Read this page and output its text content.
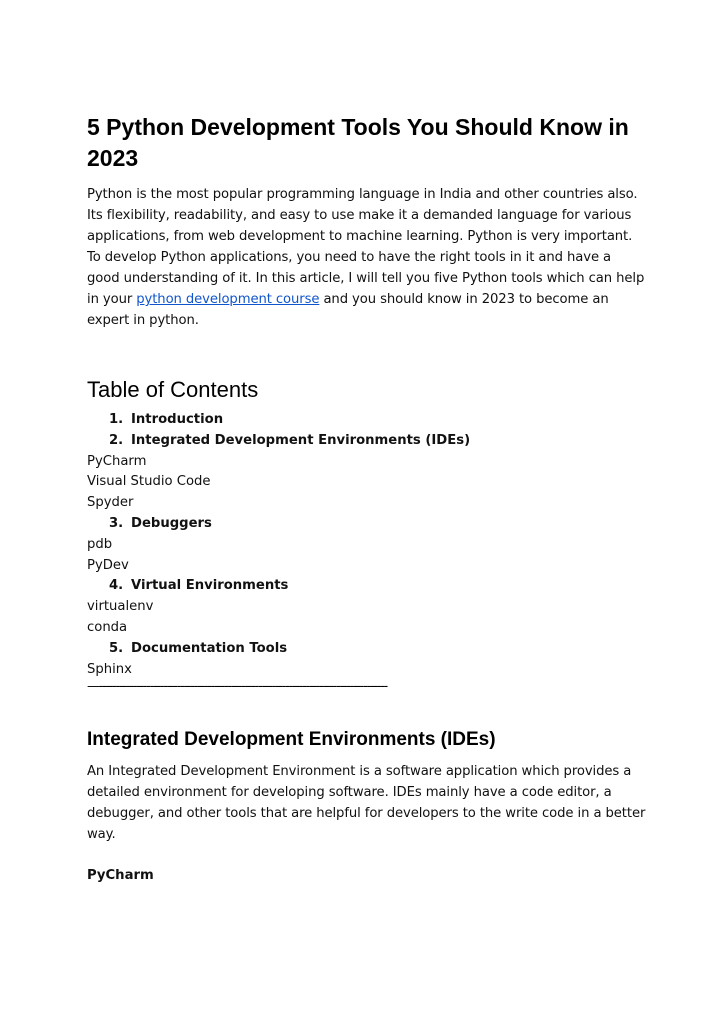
5 Python Development Tools You Should Know in 2023

Python is the most popular programming language in India and other countries also. Its flexibility, readability, and easy to use make it a demanded language for various applications, from web development to machine learning. Python is very important. To develop Python applications, you need to have the right tools in it and have a good understanding of it. In this article, I will tell you five Python tools which can help in your python development course and you should know in 2023 to become an expert in python.

Table of Contents
1. Introduction
2. Integrated Development Environments (IDEs)
PyCharm
Visual Studio Code
Spyder
3. Debuggers
pdb
PyDev
4. Virtual Environments
virtualenv
conda
5. Documentation Tools
Sphinx
—-------------------------------------------------------------------------------------
Integrated Development Environments (IDEs)

An Integrated Development Environment is a software application which provides a detailed environment for developing software. IDEs mainly have a code editor, a debugger, and other tools that are helpful for developers to the write code in a better way.

PyCharm
